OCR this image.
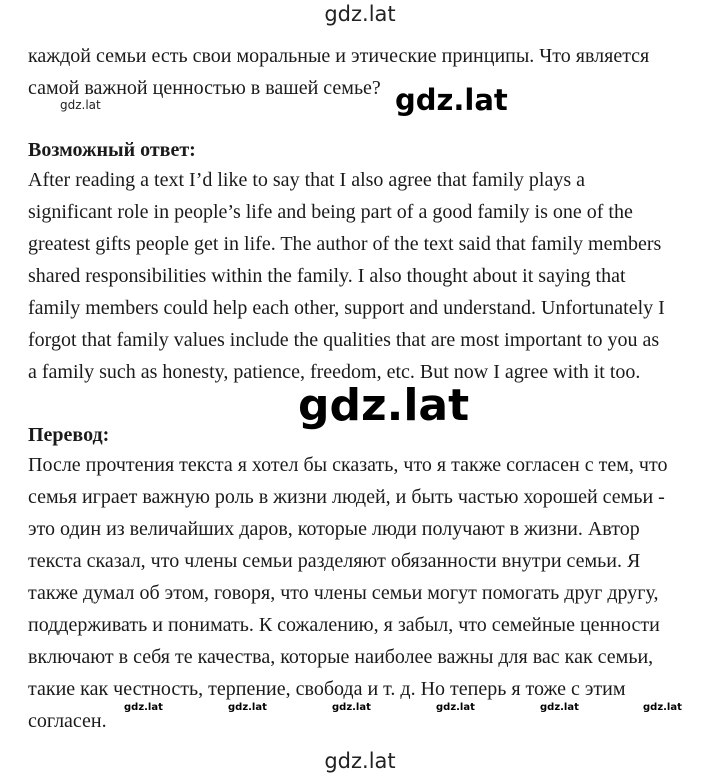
gdz.lat
каждой семьи есть свои моральные и этические принципы. Что является
самой важной ценностью в вашей семье?
gdz.lat	gdz.lat
Возможный ответ:
After reading a text I’d like to say that I also agree that family plays a
significant role in people’s life and being part of a good family is one of the
greatest gifts people get in life. The author of the text said that family members
shared responsibilities within the family. I also thought about it saying that
family members could help each other, support and understand. Unfortunately I
forgot that family values include the qualities that are most important to you as
a family such as honesty, patience, freedom, etc. But now I agree with it too.
gdz.lat
Перевод:
После прочтения текста я хотел бы сказать, что я также согласен с тем, что
семья играет важную роль в жизни людей, и быть частью хорошей семьи -
это один из величайших даров, которые люди получают в жизни. Автор
текста сказал, что члены семьи разделяют обязанности внутри семьи. Я
также думал об этом, говоря, что члены семьи могут помогать друг другу,
поддерживать и понимать. К сожалению, я забыл, что семейные ценности
включают в себя те качества, которые наиболее важны для вас как семьи,
такие как честность, терпение, свобода и т. д. Но теперь я тоже с этим
согласен.
gdz.lat	gdz.lat	gdz.lat	gdz.lat	gdz.lat	gdz.lat
gdz.lat
